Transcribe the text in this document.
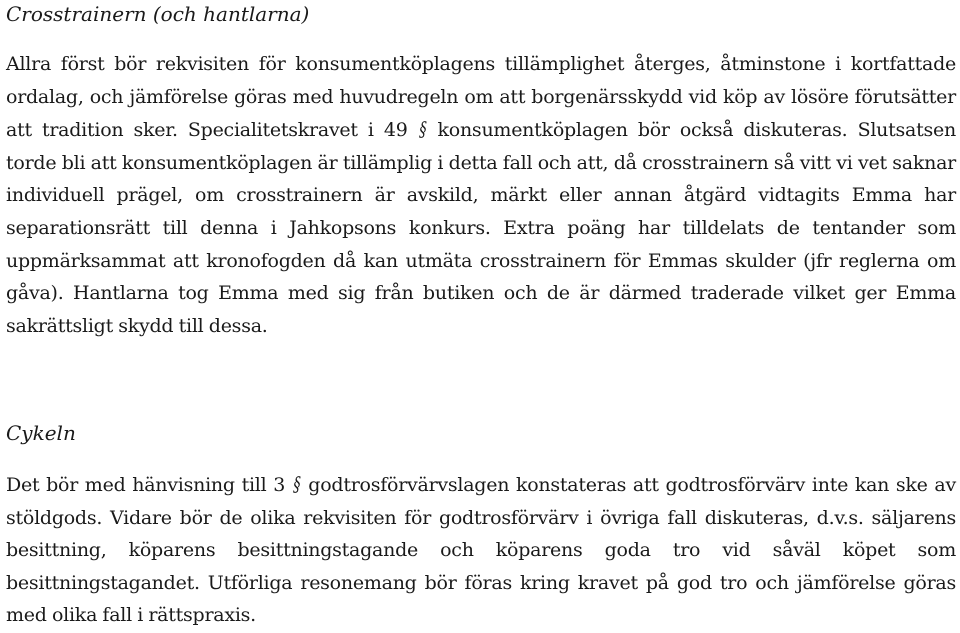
Crosstrainern (och hantlarna)

Allra först bör rekvisiten för konsumentköplagens tillämplighet återges, åtminstone i kortfattade ordalag, och jämförelse göras med huvudregeln om att borgenärsskydd vid köp av lösöre förutsätter att tradition sker. Specialitetskravet i 49 § konsumentköplagen bör också diskuteras. Slutsatsen torde bli att konsumentköplagen är tillämplig i detta fall och att, då crosstrainern så vitt vi vet saknar individuell prägel, om crosstrainern är avskild, märkt eller annan åtgärd vidtagits Emma har separationsrätt till denna i Jahkopsons konkurs. Extra poäng har tilldelats de tentander som uppmärksammat att kronofogden då kan utmäta crosstrainern för Emmas skulder (jfr reglerna om gåva). Hantlarna tog Emma med sig från butiken och de är därmed traderade vilket ger Emma sakrättsligt skydd till dessa.

Cykeln

Det bör med hänvisning till 3 § godtrosförvärvslagen konstateras att godtrosförvärv inte kan ske av stöldgods. Vidare bör de olika rekvisiten för godtrosförvärv i övriga fall diskuteras, d.v.s. säljarens besittning, köparens besittningstagande och köparens goda tro vid såväl köpet som besittningstagandet. Utförliga resonemang bör föras kring kravet på god tro och jämförelse göras med olika fall i rättspraxis.
